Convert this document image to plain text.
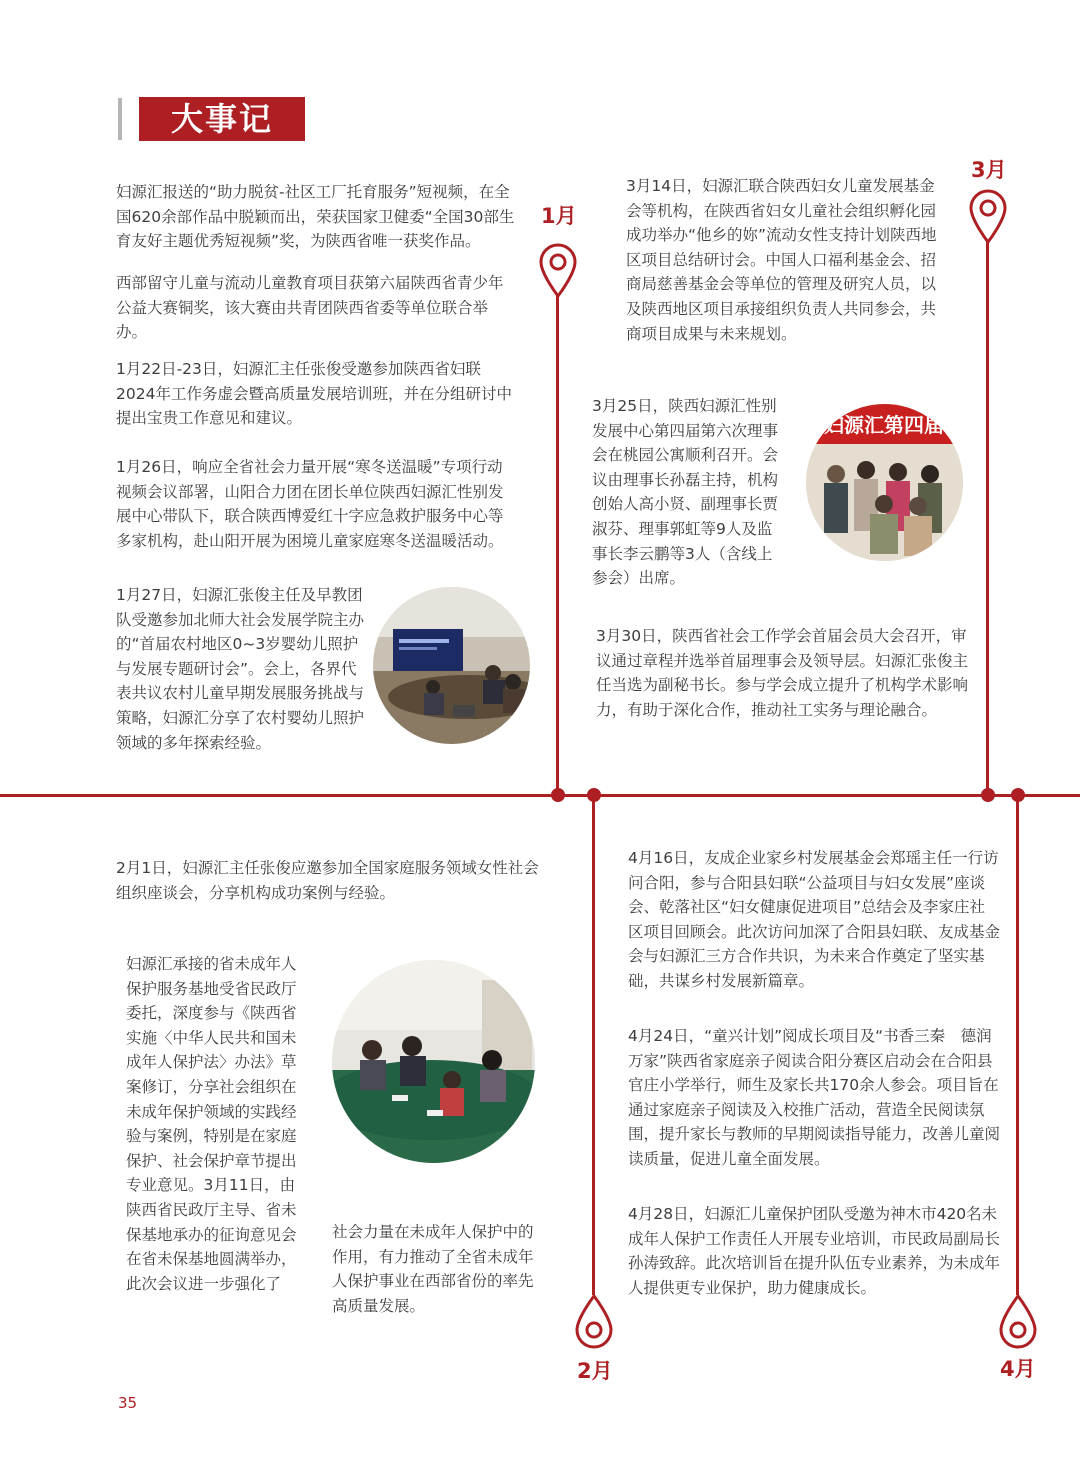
大事记
1月
3月
2月	4月

妇源汇报送的“助力脱贫-社区工厂托育服务”短视频，在全国620余部作品中脱颖而出，荣获国家卫健委“全国30部生育友好主题优秀短视频”奖，为陕西省唯一获奖作品。

西部留守儿童与流动儿童教育项目获第六届陕西省青少年公益大赛铜奖，该大赛由共青团陕西省委等单位联合举办。

1月22日-23日，妇源汇主任张俊受邀参加陕西省妇联2024年工作务虚会暨高质量发展培训班，并在分组研讨中提出宝贵工作意见和建议。

1月26日，响应全省社会力量开展“寒冬送温暖”专项行动视频会议部署，山阳合力团在团长单位陕西妇源汇性别发展中心带队下，联合陕西博爱红十字应急救护服务中心等多家机构，赴山阳开展为困境儿童家庭寒冬送温暖活动。

1月27日，妇源汇张俊主任及早教团队受邀参加北师大社会发展学院主办的“首届农村地区0~3岁婴幼儿照护与发展专题研讨会”。会上，各界代表共议农村儿童早期发展服务挑战与策略，妇源汇分享了农村婴幼儿照护领域的多年探索经验。

3月14日，妇源汇联合陕西妇女儿童发展基金会等机构，在陕西省妇女儿童社会组织孵化园成功举办“他乡的妳”流动女性支持计划陕西地区项目总结研讨会。中国人口福利基金会、招商局慈善基金会等单位的管理及研究人员，以及陕西地区项目承接组织负责人共同参会，共商项目成果与未来规划。

3月25日，陕西妇源汇性别发展中心第四届第六次理事会在桃园公寓顺利召开。会议由理事长孙磊主持，机构创始人高小贤、副理事长贾淑芬、理事郭虹等9人及监事长李云鹏等3人（含线上参会）出席。

3月30日，陕西省社会工作学会首届会员大会召开，审议通过章程并选举首届理事会及领导层。妇源汇张俊主任当选为副秘书长。参与学会成立提升了机构学术影响力，有助于深化合作，推动社工实务与理论融合。

妇源汇第四届

2月1日，妇源汇主任张俊应邀参加全国家庭服务领域女性社会组织座谈会，分享机构成功案例与经验。

妇源汇承接的省未成年人保护服务基地受省民政厅委托，深度参与《陕西省实施〈中华人民共和国未成年人保护法〉办法》草案修订，分享社会组织在未成年保护领域的实践经验与案例，特别是在家庭保护、社会保护章节提出专业意见。3月11日，由陕西省民政厅主导、省未保基地承办的征询意见会在省未保基地圆满举办，此次会议进一步强化了

社会力量在未成年人保护中的作用，有力推动了全省未成年人保护事业在西部省份的率先高质量发展。

4月16日，友成企业家乡村发展基金会郑瑶主任一行访问合阳，参与合阳县妇联“公益项目与妇女发展”座谈会、乾落社区“妇女健康促进项目”总结会及李家庄社区项目回顾会。此次访问加深了合阳县妇联、友成基金会与妇源汇三方合作共识，为未来合作奠定了坚实基础，共谋乡村发展新篇章。

4月24日，“童兴计划”阅成长项目及“书香三秦　德润万家”陕西省家庭亲子阅读合阳分赛区启动会在合阳县官庄小学举行，师生及家长共170余人参会。项目旨在通过家庭亲子阅读及入校推广活动，营造全民阅读氛围，提升家长与教师的早期阅读指导能力，改善儿童阅读质量，促进儿童全面发展。

4月28日，妇源汇儿童保护团队受邀为神木市420名未成年人保护工作责任人开展专业培训，市民政局副局长孙涛致辞。此次培训旨在提升队伍专业素养，为未成年人提供更专业保护，助力健康成长。

35
